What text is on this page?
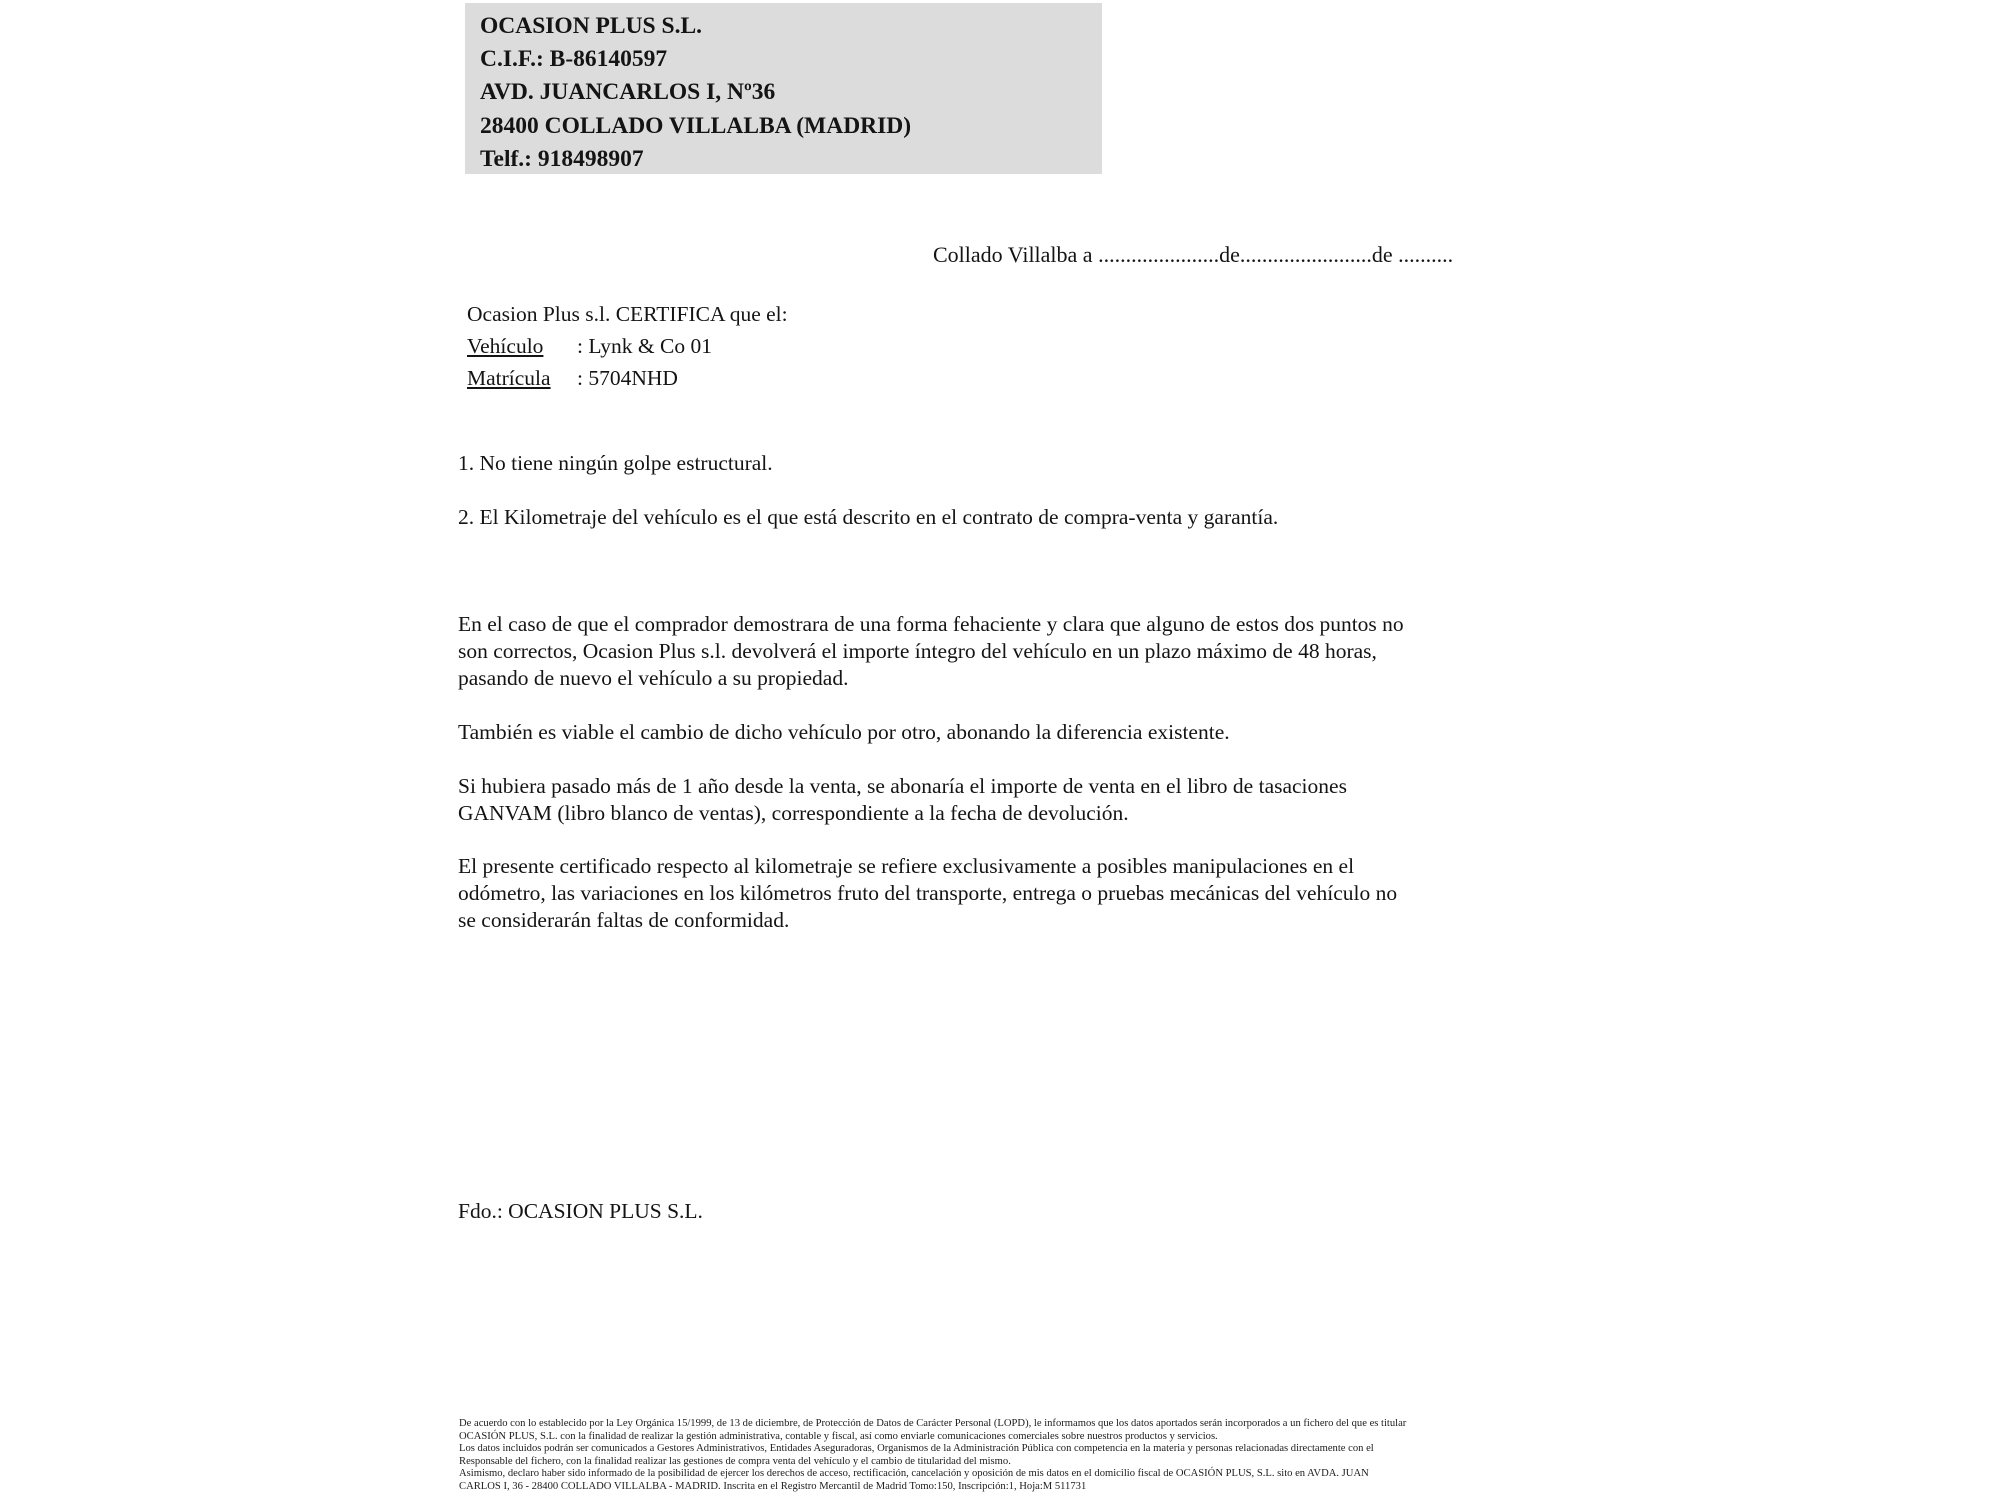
OCASION PLUS S.L.
C.I.F.: B-86140597
AVD. JUANCARLOS I, Nº36
28400 COLLADO VILLALBA (MADRID)
Telf.: 918498907
Collado Villalba a ......................de........................de ..........
Ocasion Plus s.l. CERTIFICA que el:
Vehículo : Lynk & Co 01
Matrícula : 5704NHD
1. No tiene ningún golpe estructural.
2. El Kilometraje del vehículo es el que está descrito en el contrato de compra-venta y garantía.
En el caso de que el comprador demostrara de una forma fehaciente y clara que alguno de estos dos puntos no
son correctos, Ocasion Plus s.l. devolverá el importe íntegro del vehículo en un plazo máximo de 48 horas,
pasando de nuevo el vehículo a su propiedad.
También es viable el cambio de dicho vehículo por otro, abonando la diferencia existente.
Si hubiera pasado más de 1 año desde la venta, se abonaría el importe de venta en el libro de tasaciones
GANVAM (libro blanco de ventas), correspondiente a la fecha de devolución.
El presente certificado respecto al kilometraje se refiere exclusivamente a posibles manipulaciones en el
odómetro, las variaciones en los kilómetros fruto del transporte, entrega o pruebas mecánicas del vehículo no
se considerarán faltas de conformidad.
Fdo.: OCASION PLUS S.L.
De acuerdo con lo establecido por la Ley Orgánica 15/1999, de 13 de diciembre, de Protección de Datos de Carácter Personal (LOPD), le informamos que los datos aportados serán incorporados a un fichero del que es titular
OCASIÓN PLUS, S.L. con la finalidad de realizar la gestión administrativa, contable y fiscal, así como enviarle comunicaciones comerciales sobre nuestros productos y servicios.
Los datos incluidos podrán ser comunicados a Gestores Administrativos, Entidades Aseguradoras, Organismos de la Administración Pública con competencia en la materia y personas relacionadas directamente con el
Responsable del fichero, con la finalidad realizar las gestiones de compra venta del vehículo y el cambio de titularidad del mismo.
Asimismo, declaro haber sido informado de la posibilidad de ejercer los derechos de acceso, rectificación, cancelación y oposición de mis datos en el domicilio fiscal de OCASIÓN PLUS, S.L. sito en AVDA. JUAN
CARLOS I, 36 - 28400 COLLADO VILLALBA - MADRID. Inscrita en el Registro Mercantil de Madrid Tomo:150, Inscripción:1, Hoja:M 511731
